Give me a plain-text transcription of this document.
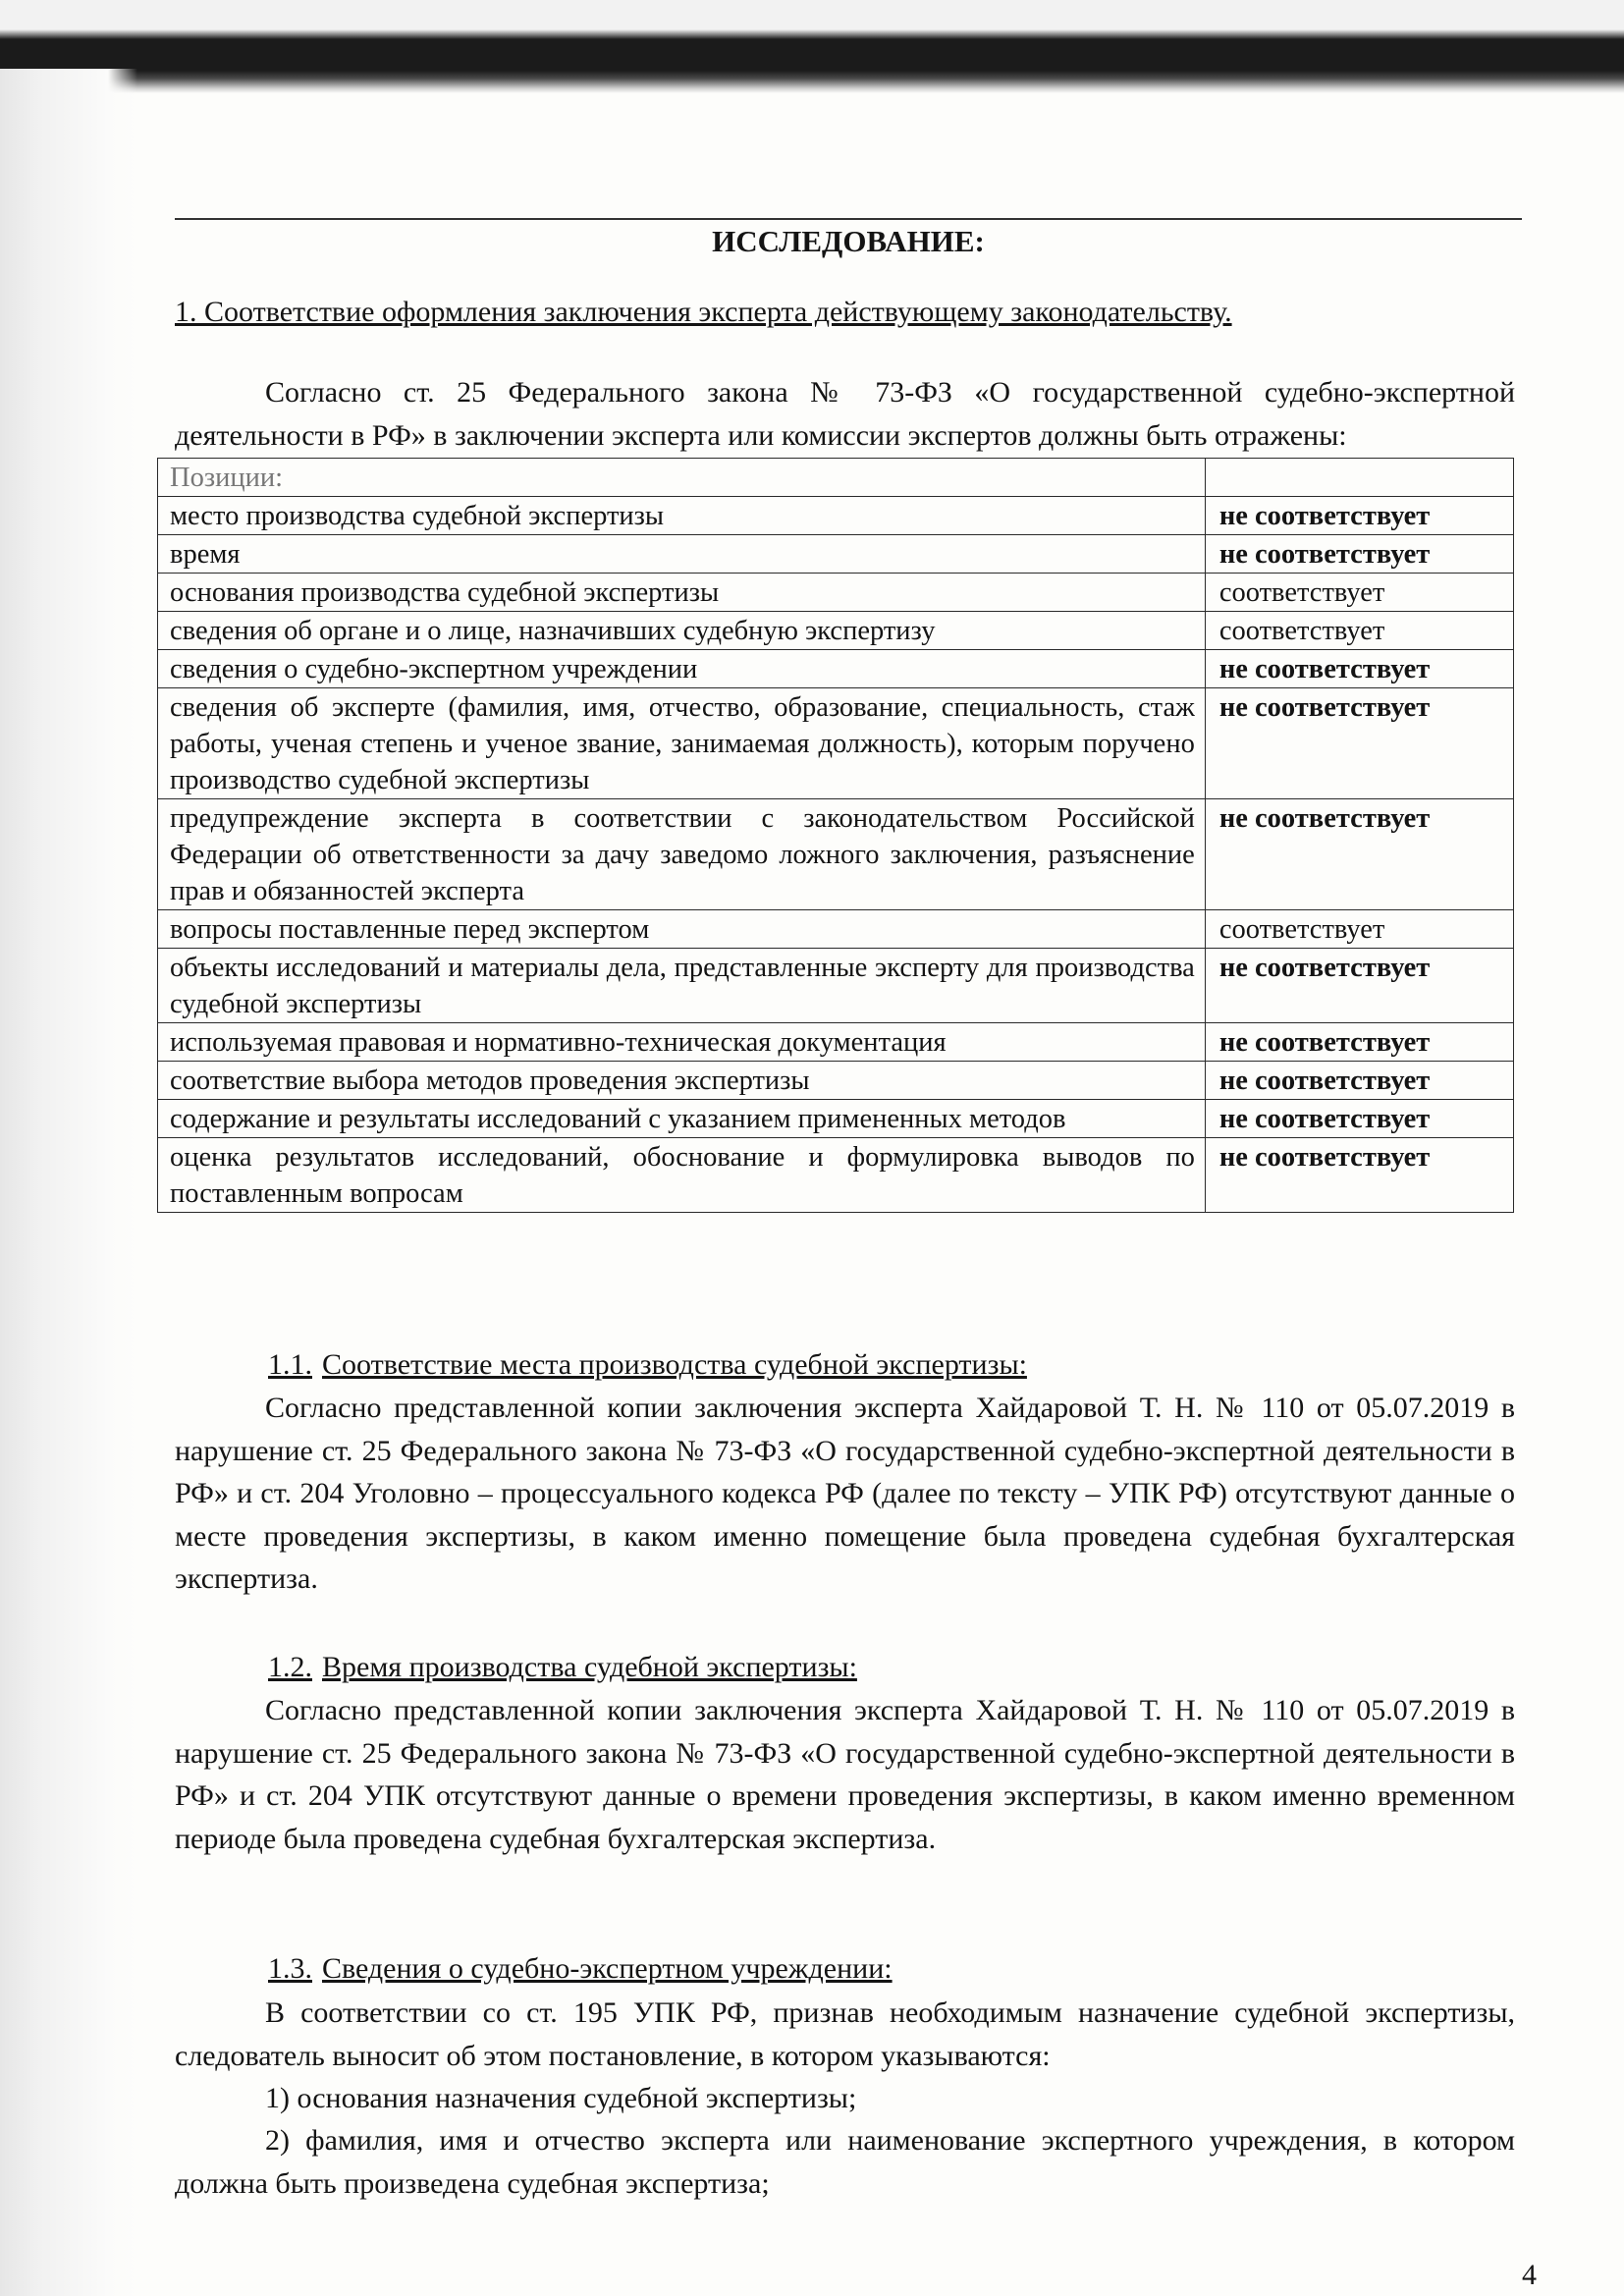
ИССЛЕДОВАНИЕ:
1. Соответствие оформления заключения эксперта действующему законодательству.
Согласно ст. 25 Федерального закона № 73-ФЗ «О государственной судебно-экспертной деятельности в РФ» в заключении эксперта или комиссии экспертов должны быть отражены:
Позиции:	
место производства судебной экспертизы	не соответствует
время	не соответствует
основания производства судебной экспертизы	соответствует
сведения об органе и о лице, назначивших судебную экспертизу	соответствует
сведения о судебно-экспертном учреждении	не соответствует
сведения об эксперте (фамилия, имя, отчество, образование, специальность, стаж работы, ученая степень и ученое звание, занимаемая должность), которым поручено производство судебной экспертизы	не соответствует
предупреждение эксперта в соответствии с законодательством Российской Федерации об ответственности за дачу заведомо ложного заключения, разъяснение прав и обязанностей эксперта	не соответствует
вопросы поставленные перед экспертом	соответствует
объекты исследований и материалы дела, представленные эксперту для производства судебной экспертизы	не соответствует
используемая правовая и нормативно-техническая документация	не соответствует
соответствие выбора методов проведения экспертизы	не соответствует
содержание и результаты исследований с указанием примененных методов	не соответствует
оценка результатов исследований, обоснование и формулировка выводов по поставленным вопросам	не соответствует
1.1. Соответствие места производства судебной экспертизы:
Согласно представленной копии заключения эксперта Хайдаровой Т. Н. № 110 от 05.07.2019 в нарушение ст. 25 Федерального закона № 73-ФЗ «О государственной судебно-экспертной деятельности в РФ» и ст. 204 Уголовно – процессуального кодекса РФ (далее по тексту – УПК РФ) отсутствуют данные о месте проведения экспертизы, в каком именно помещение была проведена судебная бухгалтерская экспертиза.
1.2. Время производства судебной экспертизы:
Согласно представленной копии заключения эксперта Хайдаровой Т. Н. № 110 от 05.07.2019 в нарушение ст. 25 Федерального закона № 73-ФЗ «О государственной судебно-экспертной деятельности в РФ» и ст. 204 УПК отсутствуют данные о времени проведения экспертизы, в каком именно временном периоде была проведена судебная бухгалтерская экспертиза.
1.3. Сведения о судебно-экспертном учреждении:
В соответствии со ст. 195 УПК РФ, признав необходимым назначение судебной экспертизы, следователь выносит об этом постановление, в котором указываются:
1) основания назначения судебной экспертизы;
2) фамилия, имя и отчество эксперта или наименование экспертного учреждения, в котором должна быть произведена судебная экспертиза;
4
